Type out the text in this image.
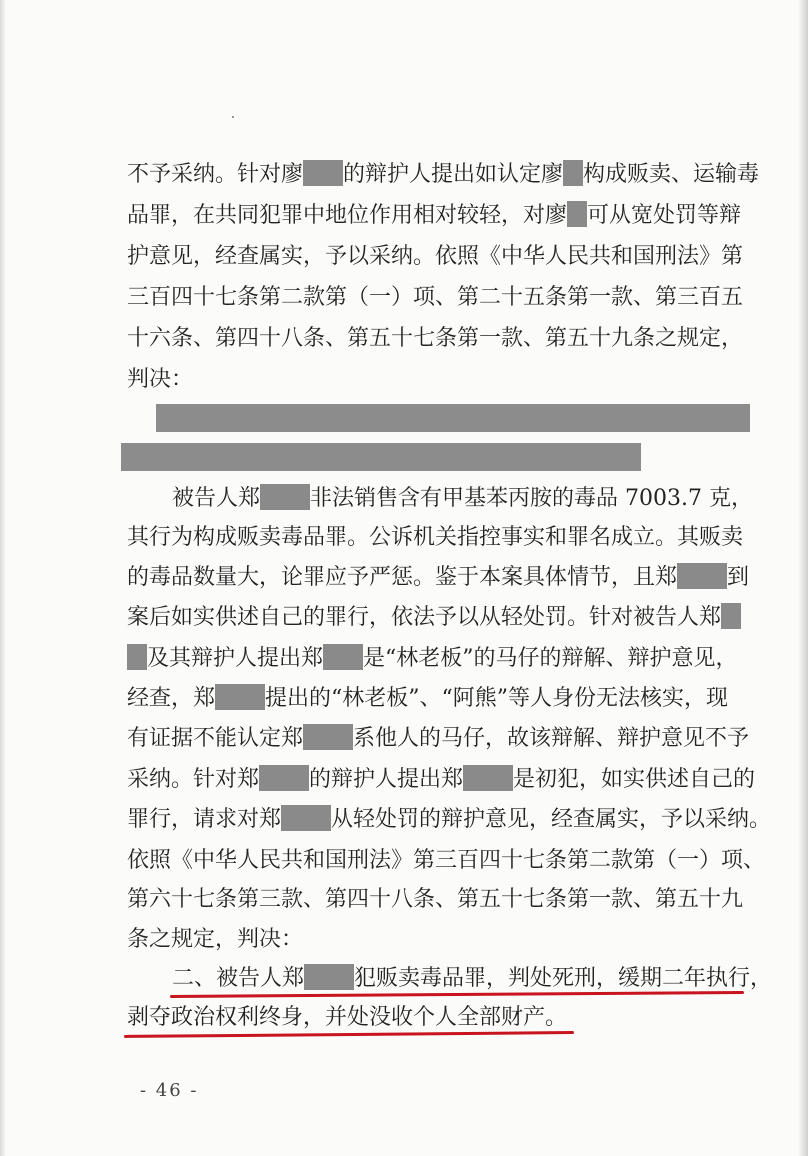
不予采纳。针对廖 的辩护人提出如认定廖 构成贩卖、运输毒
品罪，在共同犯罪中地位作用相对较轻，对廖 可从宽处罚等辩
护意见，经查属实，予以采纳。依照《中华人民共和国刑法》第
三百四十七条第二款第（一）项、第二十五条第一款、第三百五
十六条、第四十八条、第五十七条第一款、第五十九条之规定，
判决：
被告人郑 非法销售含有甲基苯丙胺的毒品 7003.7 克，
其行为构成贩卖毒品罪。公诉机关指控事实和罪名成立。其贩卖
的毒品数量大，论罪应予严惩。鉴于本案具体情节，且郑 到
案后如实供述自己的罪行，依法予以从轻处罚。针对被告人郑
及其辩护人提出郑 是“林老板”的马仔的辩解、辩护意见，
经查，郑 提出的“林老板”、“阿熊”等人身份无法核实，现
有证据不能认定郑 系他人的马仔，故该辩解、辩护意见不予
采纳。针对郑 的辩护人提出郑 是初犯，如实供述自己的
罪行，请求对郑 从轻处罚的辩护意见，经查属实，予以采纳。
依照《中华人民共和国刑法》第三百四十七条第二款第（一）项、
第六十七条第三款、第四十八条、第五十七条第一款、第五十九
条之规定，判决：
二、被告人郑 犯贩卖毒品罪，判处死刑，缓期二年执行，
剥夺政治权利终身，并处没收个人全部财产。
- 46 -
